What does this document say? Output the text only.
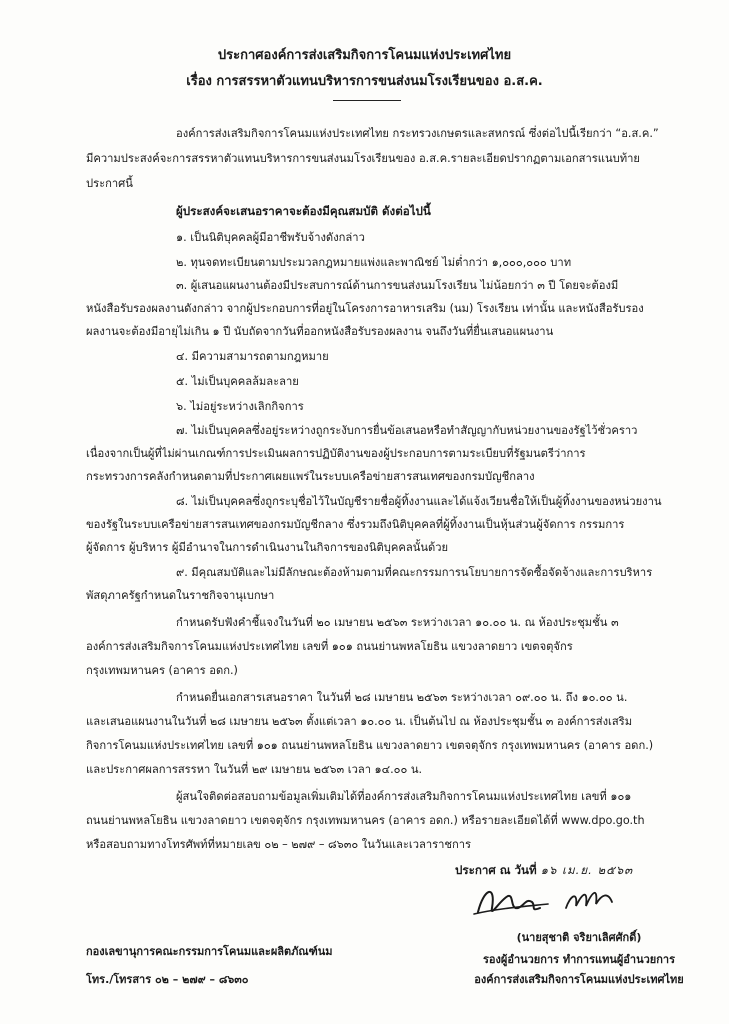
ประกาศองค์การส่งเสริมกิจการโคนมแห่งประเทศไทย
เรื่อง การสรรหาตัวแทนบริหารการขนส่งนมโรงเรียนของ อ.ส.ค.
องค์การส่งเสริมกิจการโคนมแห่งประเทศไทย กระทรวงเกษตรและสหกรณ์ ซึ่งต่อไปนี้เรียกว่า “อ.ส.ค.”
มีความประสงค์จะการสรรหาตัวแทนบริหารการขนส่งนมโรงเรียนของ อ.ส.ค.รายละเอียดปรากฏตามเอกสารแนบท้าย
ประกาศนี้
ผู้ประสงค์จะเสนอราคาจะต้องมีคุณสมบัติ ดังต่อไปนี้
๑. เป็นนิติบุคคลผู้มีอาชีพรับจ้างดังกล่าว
๒. ทุนจดทะเบียนตามประมวลกฎหมายแพ่งและพาณิชย์ ไม่ต่ำกว่า ๑,๐๐๐,๐๐๐ บาท
๓. ผู้เสนอแผนงานต้องมีประสบการณ์ด้านการขนส่งนมโรงเรียน ไม่น้อยกว่า ๓ ปี โดยจะต้องมี
หนังสือรับรองผลงานดังกล่าว จากผู้ประกอบการที่อยู่ในโครงการอาหารเสริม (นม) โรงเรียน เท่านั้น และหนังสือรับรอง
ผลงานจะต้องมีอายุไม่เกิน ๑ ปี นับถัดจากวันที่ออกหนังสือรับรองผลงาน จนถึงวันที่ยื่นเสนอแผนงาน
๔. มีความสามารถตามกฎหมาย
๕. ไม่เป็นบุคคลล้มละลาย
๖. ไม่อยู่ระหว่างเลิกกิจการ
๗. ไม่เป็นบุคคลซึ่งอยู่ระหว่างถูกระงับการยื่นข้อเสนอหรือทำสัญญากับหน่วยงานของรัฐไว้ชั่วคราว
เนื่องจากเป็นผู้ที่ไม่ผ่านเกณฑ์การประเมินผลการปฏิบัติงานของผู้ประกอบการตามระเบียบที่รัฐมนตรีว่าการ
กระทรวงการคลังกำหนดตามที่ประกาศเผยแพร่ในระบบเครือข่ายสารสนเทศของกรมบัญชีกลาง
๘. ไม่เป็นบุคคลซึ่งถูกระบุชื่อไว้ในบัญชีรายชื่อผู้ทิ้งงานและได้แจ้งเวียนชื่อให้เป็นผู้ทิ้งงานของหน่วยงาน
ของรัฐในระบบเครือข่ายสารสนเทศของกรมบัญชีกลาง ซึ่งรวมถึงนิติบุคคลที่ผู้ทิ้งงานเป็นหุ้นส่วนผู้จัดการ กรรมการ
ผู้จัดการ ผู้บริหาร ผู้มีอำนาจในการดำเนินงานในกิจการของนิติบุคคลนั้นด้วย
๙. มีคุณสมบัติและไม่มีลักษณะต้องห้ามตามที่คณะกรรมการนโยบายการจัดซื้อจัดจ้างและการบริหาร
พัสดุภาครัฐกำหนดในราชกิจจานุเบกษา
กำหนดรับฟังคำชี้แจงในวันที่ ๒๐ เมษายน ๒๕๖๓ ระหว่างเวลา ๑๐.๐๐ น. ณ ห้องประชุมชั้น ๓
องค์การส่งเสริมกิจการโคนมแห่งประเทศไทย เลขที่ ๑๐๑ ถนนย่านพหลโยธิน แขวงลาดยาว เขตจตุจักร
กรุงเทพมหานคร (อาคาร อดก.)
กำหนดยื่นเอกสารเสนอราคา ในวันที่ ๒๘ เมษายน ๒๕๖๓ ระหว่างเวลา ๐๙.๐๐ น. ถึง ๑๐.๐๐ น.
และเสนอแผนงานในวันที่ ๒๘ เมษายน ๒๕๖๓ ตั้งแต่เวลา ๑๐.๐๐ น. เป็นต้นไป ณ ห้องประชุมชั้น ๓ องค์การส่งเสริม
กิจการโคนมแห่งประเทศไทย เลขที่ ๑๐๑ ถนนย่านพหลโยธิน แขวงลาดยาว เขตจตุจักร กรุงเทพมหานคร (อาคาร อดก.)
และประกาศผลการสรรหา ในวันที่ ๒๙ เมษายน ๒๕๖๓ เวลา ๑๔.๐๐ น.
ผู้สนใจติดต่อสอบถามข้อมูลเพิ่มเติมได้ที่องค์การส่งเสริมกิจการโคนมแห่งประเทศไทย เลขที่ ๑๐๑
ถนนย่านพหลโยธิน แขวงลาดยาว เขตจตุจักร กรุงเทพมหานคร (อาคาร อดก.) หรือรายละเอียดได้ที่ www.dpo.go.th
หรือสอบถามทางโทรศัพท์ที่หมายเลข ๐๒ – ๒๗๙ – ๘๖๓๐ ในวันและเวลาราชการ
ประกาศ ณ วันที่ ๑๖ เม.ย. ๒๕๖๓
(นายสุชาติ จริยาเลิศศักดิ์)
รองผู้อำนวยการ ทำการแทนผู้อำนวยการ
องค์การส่งเสริมกิจการโคนมแห่งประเทศไทย
กองเลขานุการคณะกรรมการโคนมและผลิตภัณฑ์นม
โทร./โทรสาร ๐๒ – ๒๗๙ – ๘๖๓๐
